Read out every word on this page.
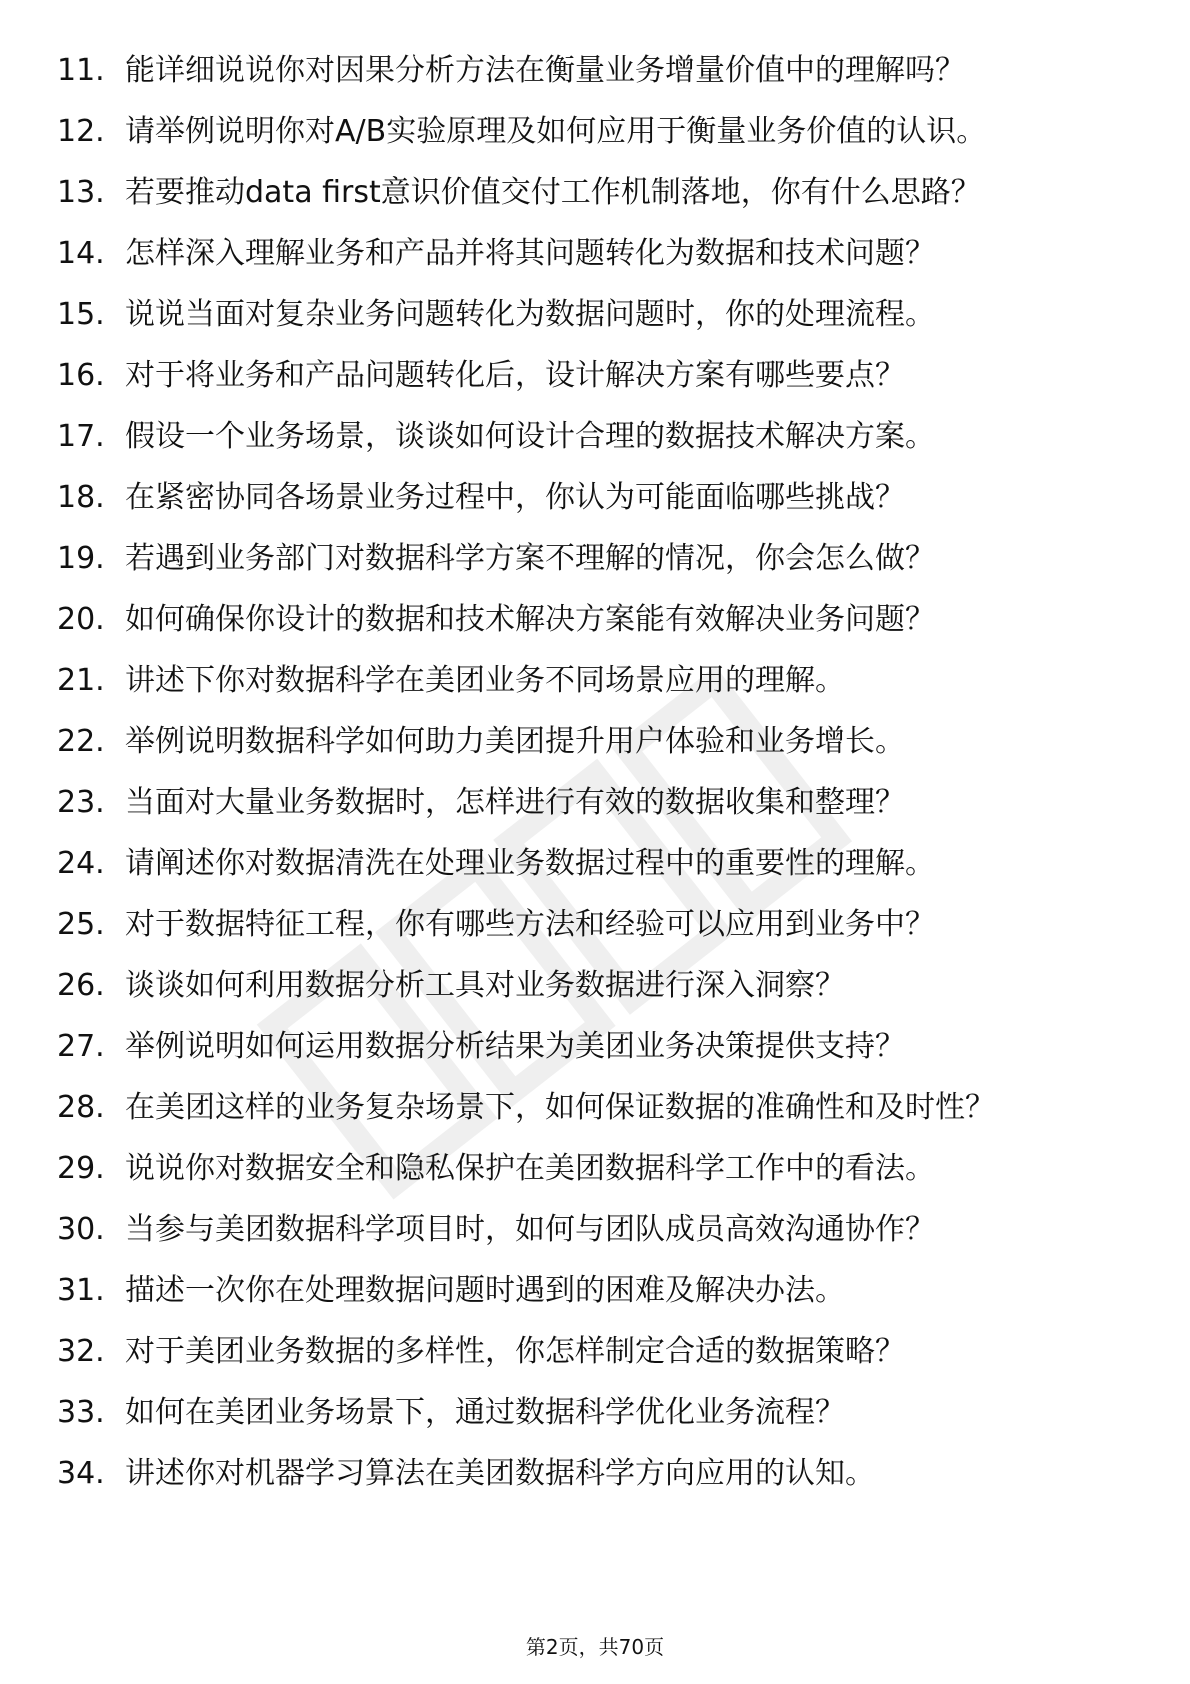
11. 能详细说说你对因果分析方法在衡量业务增量价值中的理解吗？
12. 请举例说明你对A/B实验原理及如何应用于衡量业务价值的认识。
13. 若要推动data first意识价值交付工作机制落地，你有什么思路？
14. 怎样深入理解业务和产品并将其问题转化为数据和技术问题？
15. 说说当面对复杂业务问题转化为数据问题时，你的处理流程。
16. 对于将业务和产品问题转化后，设计解决方案有哪些要点？
17. 假设一个业务场景，谈谈如何设计合理的数据技术解决方案。
18. 在紧密协同各场景业务过程中，你认为可能面临哪些挑战？
19. 若遇到业务部门对数据科学方案不理解的情况，你会怎么做？
20. 如何确保你设计的数据和技术解决方案能有效解决业务问题？
21. 讲述下你对数据科学在美团业务不同场景应用的理解。
22. 举例说明数据科学如何助力美团提升用户体验和业务增长。
23. 当面对大量业务数据时，怎样进行有效的数据收集和整理？
24. 请阐述你对数据清洗在处理业务数据过程中的重要性的理解。
25. 对于数据特征工程，你有哪些方法和经验可以应用到业务中？
26. 谈谈如何利用数据分析工具对业务数据进行深入洞察？
27. 举例说明如何运用数据分析结果为美团业务决策提供支持？
28. 在美团这样的业务复杂场景下，如何保证数据的准确性和及时性？
29. 说说你对数据安全和隐私保护在美团数据科学工作中的看法。
30. 当参与美团数据科学项目时，如何与团队成员高效沟通协作？
31. 描述一次你在处理数据问题时遇到的困难及解决办法。
32. 对于美团业务数据的多样性，你怎样制定合适的数据策略？
33. 如何在美团业务场景下，通过数据科学优化业务流程？
34. 讲述你对机器学习算法在美团数据科学方向应用的认知。
第2页，共70页
